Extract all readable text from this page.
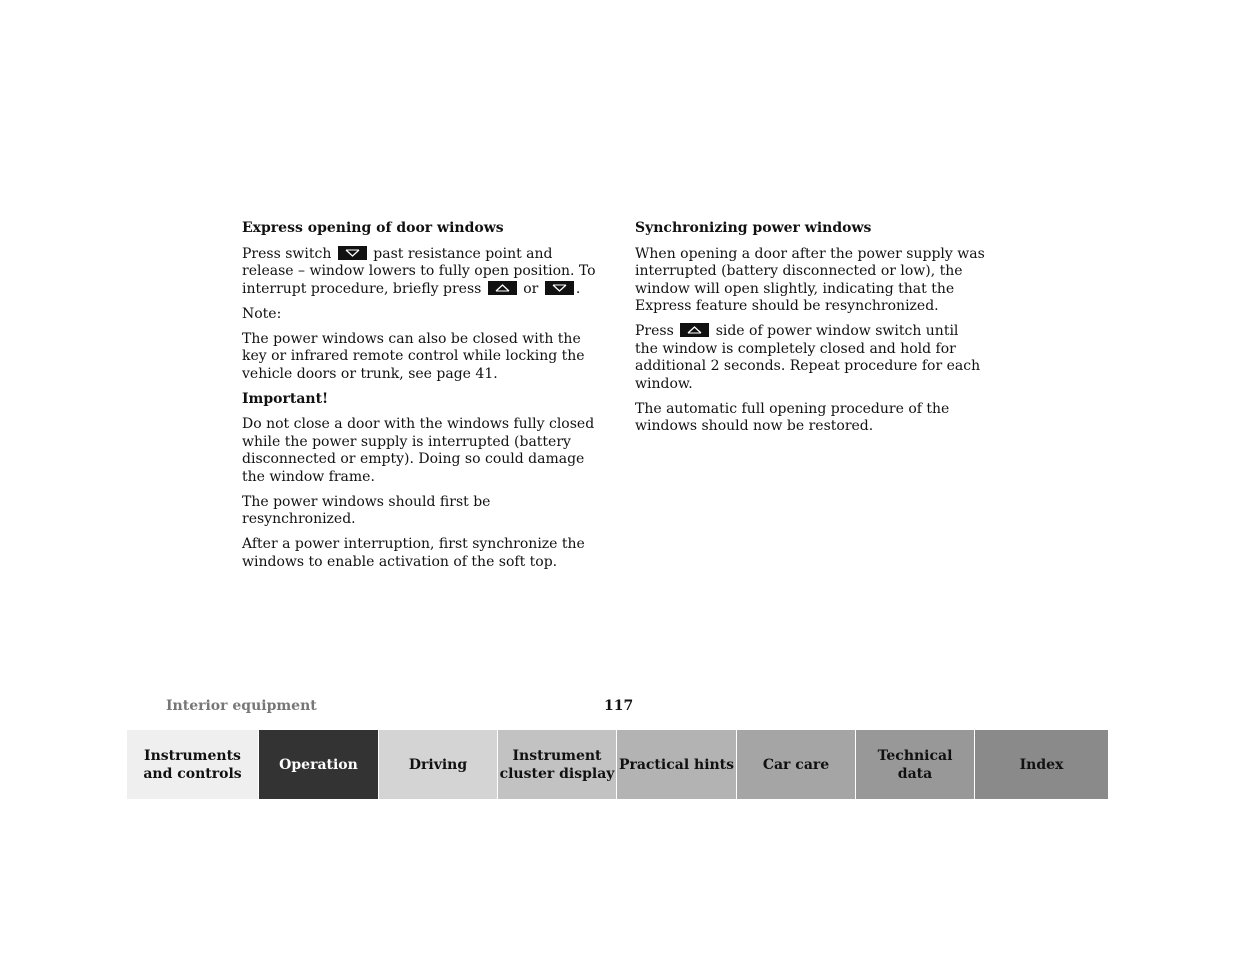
Express opening of door windows

Press switch	past resistance point and release – window lowers to fully open position. To interrupt procedure, briefly press	or	.

Note:

The power windows can also be closed with the key or infrared remote control while locking the vehicle doors or trunk, see page 41.

Important!

Do not close a door with the windows fully closed while the power supply is interrupted (battery disconnected or empty). Doing so could damage the window frame.

The power windows should first be resynchronized.

After a power interruption, first synchronize the windows to enable activation of the soft top.

Synchronizing power windows

When opening a door after the power supply was interrupted (battery disconnected or low), the window will open slightly, indicating that the Express feature should be resynchronized.

Press	side of power window switch until the window is completely closed and hold for additional 2 seconds. Repeat procedure for each window.

The automatic full opening procedure of the windows should now be restored.

Interior equipment	117
Instruments
and controls
Operation	Driving
Instrument
cluster display
Practical hints	Car care
Technical
data
Index
